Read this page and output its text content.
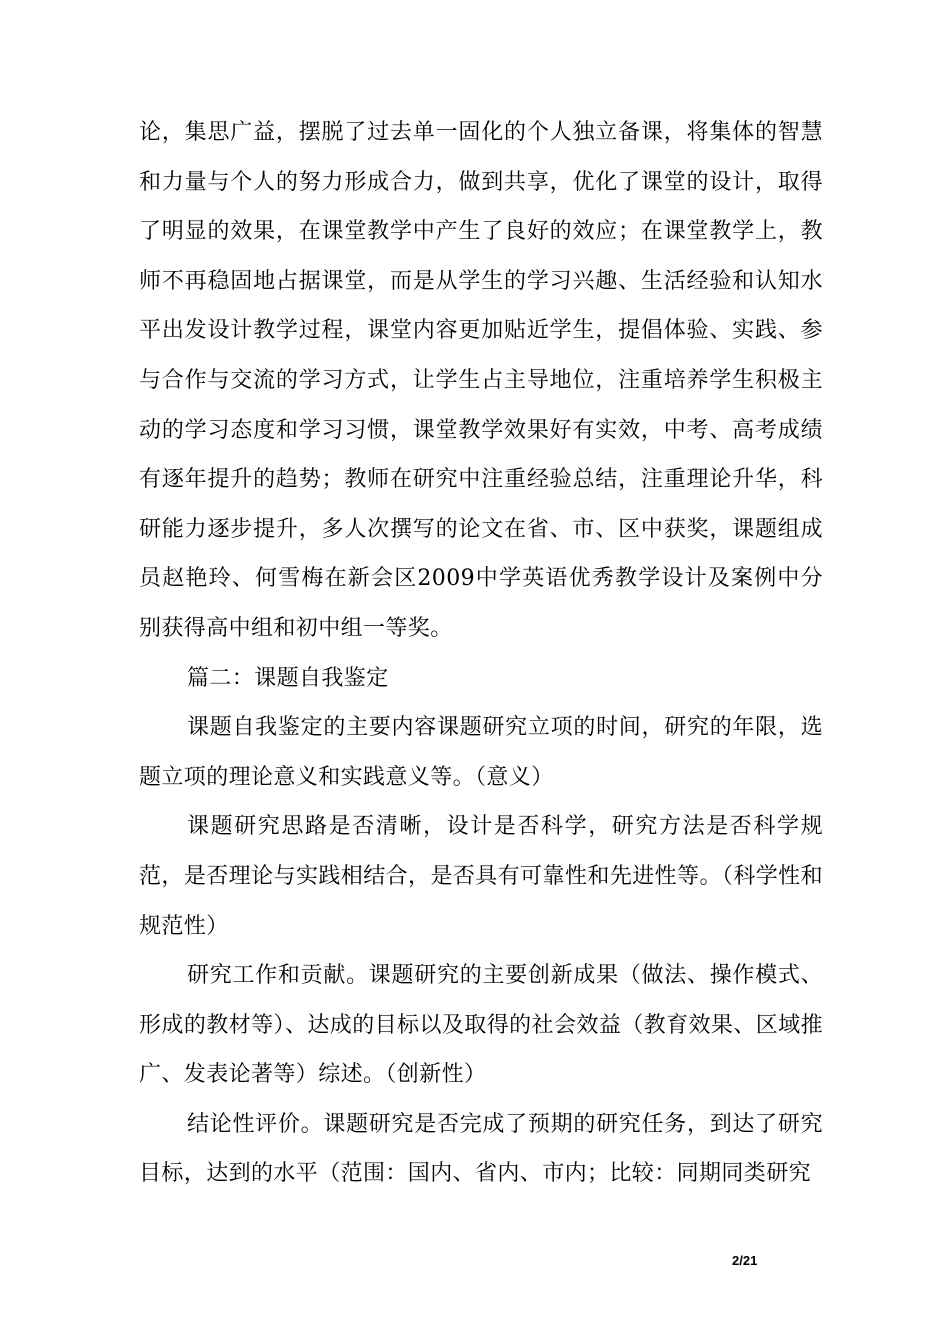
论，集思广益，摆脱了过去单一固化的个人独立备课，将集体的智慧和力量与个人的努力形成合力，做到共享，优化了课堂的设计，取得了明显的效果，在课堂教学中产生了良好的效应；在课堂教学上，教师不再稳固地占据课堂，而是从学生的学习兴趣、生活经验和认知水平出发设计教学过程，课堂内容更加贴近学生，提倡体验、实践、参与合作与交流的学习方式，让学生占主导地位，注重培养学生积极主动的学习态度和学习习惯，课堂教学效果好有实效，中考、高考成绩有逐年提升的趋势；教师在研究中注重经验总结，注重理论升华，科研能力逐步提升，多人次撰写的论文在省、市、区中获奖，课题组成员赵艳玲、何雪梅在新会区2009中学英语优秀教学设计及案例中分别获得高中组和初中组一等奖。

篇二：课题自我鉴定

课题自我鉴定的主要内容课题研究立项的时间，研究的年限，选题立项的理论意义和实践意义等。（意义）

课题研究思路是否清晰，设计是否科学，研究方法是否科学规范，是否理论与实践相结合，是否具有可靠性和先进性等。（科学性和规范性）

研究工作和贡献。课题研究的主要创新成果（做法、操作模式、形成的教材等）、达成的目标以及取得的社会效益（教育效果、区域推广、发表论著等）综述。（创新性）

结论性评价。课题研究是否完成了预期的研究任务，到达了研究目标，达到的水平（范围：国内、省内、市内；比较：同期同类研究

2/21
